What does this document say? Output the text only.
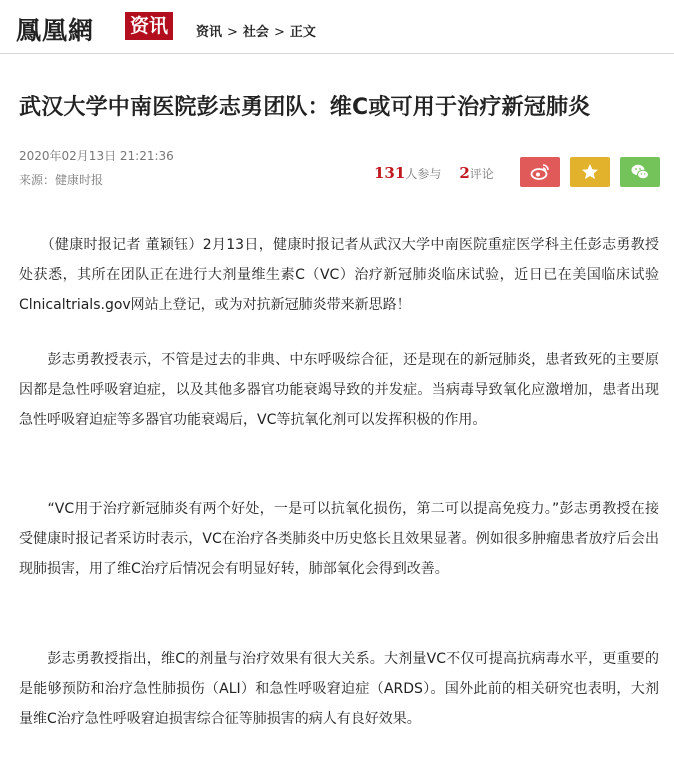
鳳凰網 资讯	资讯 > 社会 > 正文
武汉大学中南医院彭志勇团队：维C或可用于治疗新冠肺炎
2020年02月13日 21:21:36
来源：健康时报	131人参与 2评论

　　（健康时报记者 董颖钰）2月13日，健康时报记者从武汉大学中南医院重症医学科主任彭志勇教授处获悉，其所在团队正在进行大剂量维生素C（VC）治疗新冠肺炎临床试验，近日已在美国临床试验Clnicaltrials.gov网站上登记，或为对抗新冠肺炎带来新思路！

　　彭志勇教授表示，不管是过去的非典、中东呼吸综合征，还是现在的新冠肺炎，患者致死的主要原因都是急性呼吸窘迫症，以及其他多器官功能衰竭导致的并发症。当病毒导致氧化应激增加，患者出现急性呼吸窘迫症等多器官功能衰竭后，VC等抗氧化剂可以发挥积极的作用。

　　“VC用于治疗新冠肺炎有两个好处，一是可以抗氧化损伤，第二可以提高免疫力。”彭志勇教授在接受健康时报记者采访时表示，VC在治疗各类肺炎中历史悠长且效果显著。例如很多肿瘤患者放疗后会出现肺损害，用了维C治疗后情况会有明显好转，肺部氧化会得到改善。

　　彭志勇教授指出，维C的剂量与治疗效果有很大关系。大剂量VC不仅可提高抗病毒水平，更重要的是能够预防和治疗急性肺损伤（ALI）和急性呼吸窘迫症（ARDS）。国外此前的相关研究也表明，大剂量维C治疗急性呼吸窘迫损害综合征等肺损害的病人有良好效果。
